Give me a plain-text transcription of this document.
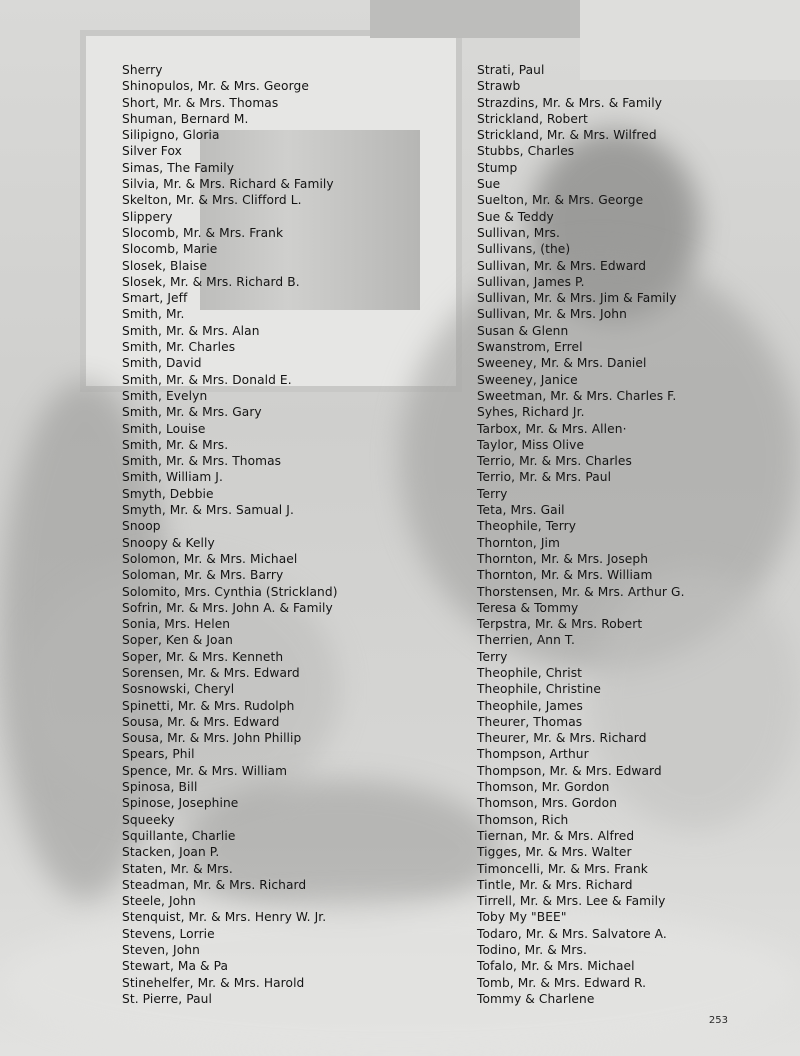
Sherry
Shinopulos, Mr. & Mrs. George
Short, Mr. & Mrs. Thomas
Shuman, Bernard M.
Silipigno, Gloria
Silver Fox
Simas, The Family
Silvia, Mr. & Mrs. Richard & Family
Skelton, Mr. & Mrs. Clifford L.
Slippery
Slocomb, Mr. & Mrs. Frank
Slocomb, Marie
Slosek, Blaise
Slosek, Mr. & Mrs. Richard B.
Smart, Jeff
Smith, Mr.
Smith, Mr. & Mrs. Alan
Smith, Mr. Charles
Smith, David
Smith, Mr. & Mrs. Donald E.
Smith, Evelyn
Smith, Mr. & Mrs. Gary
Smith, Louise
Smith, Mr. & Mrs.
Smith, Mr. & Mrs. Thomas
Smith, William J.
Smyth, Debbie
Smyth, Mr. & Mrs. Samual J.
Snoop
Snoopy & Kelly
Solomon, Mr. & Mrs. Michael
Soloman, Mr. & Mrs. Barry
Solomito, Mrs. Cynthia (Strickland)
Sofrin, Mr. & Mrs. John A. & Family
Sonia, Mrs. Helen
Soper, Ken & Joan
Soper, Mr. & Mrs. Kenneth
Sorensen, Mr. & Mrs. Edward
Sosnowski, Cheryl
Spinetti, Mr. & Mrs. Rudolph
Sousa, Mr. & Mrs. Edward
Sousa, Mr. & Mrs. John Phillip
Spears, Phil
Spence, Mr. & Mrs. William
Spinosa, Bill
Spinose, Josephine
Squeeky
Squillante, Charlie
Stacken, Joan P.
Staten, Mr. & Mrs.
Steadman, Mr. & Mrs. Richard
Steele, John
Stenquist, Mr. & Mrs. Henry W. Jr.
Stevens, Lorrie
Steven, John
Stewart, Ma & Pa
Stinehelfer, Mr. & Mrs. Harold
St. Pierre, Paul
Strati, Paul
Strawb
Strazdins, Mr. & Mrs. & Family
Strickland, Robert
Strickland, Mr. & Mrs. Wilfred
Stubbs, Charles
Stump
Sue
Suelton, Mr. & Mrs. George
Sue & Teddy
Sullivan, Mrs.
Sullivans, (the)
Sullivan, Mr. & Mrs. Edward
Sullivan, James P.
Sullivan, Mr. & Mrs. Jim & Family
Sullivan, Mr. & Mrs. John
Susan & Glenn
Swanstrom, Errel
Sweeney, Mr. & Mrs. Daniel
Sweeney, Janice
Sweetman, Mr. & Mrs. Charles F.
Syhes, Richard Jr.
Tarbox, Mr. & Mrs. Allen·
Taylor, Miss Olive
Terrio, Mr. & Mrs. Charles
Terrio, Mr. & Mrs. Paul
Terry
Teta, Mrs. Gail
Theophile, Terry
Thornton, Jim
Thornton, Mr. & Mrs. Joseph
Thornton, Mr. & Mrs. William
Thorstensen, Mr. & Mrs. Arthur G.
Teresa & Tommy
Terpstra, Mr. & Mrs. Robert
Therrien, Ann T.
Terry
Theophile, Christ
Theophile, Christine
Theophile, James
Theurer, Thomas
Theurer, Mr. & Mrs. Richard
Thompson, Arthur
Thompson, Mr. & Mrs. Edward
Thomson, Mr. Gordon
Thomson, Mrs. Gordon
Thomson, Rich
Tiernan, Mr. & Mrs. Alfred
Tigges, Mr. & Mrs. Walter
Timoncelli, Mr. & Mrs. Frank
Tintle, Mr. & Mrs. Richard
Tirrell, Mr. & Mrs. Lee & Family
Toby My "BEE"
Todaro, Mr. & Mrs. Salvatore A.
Todino, Mr. & Mrs.
Tofalo, Mr. & Mrs. Michael
Tomb, Mr. & Mrs. Edward R.
Tommy & Charlene
253
